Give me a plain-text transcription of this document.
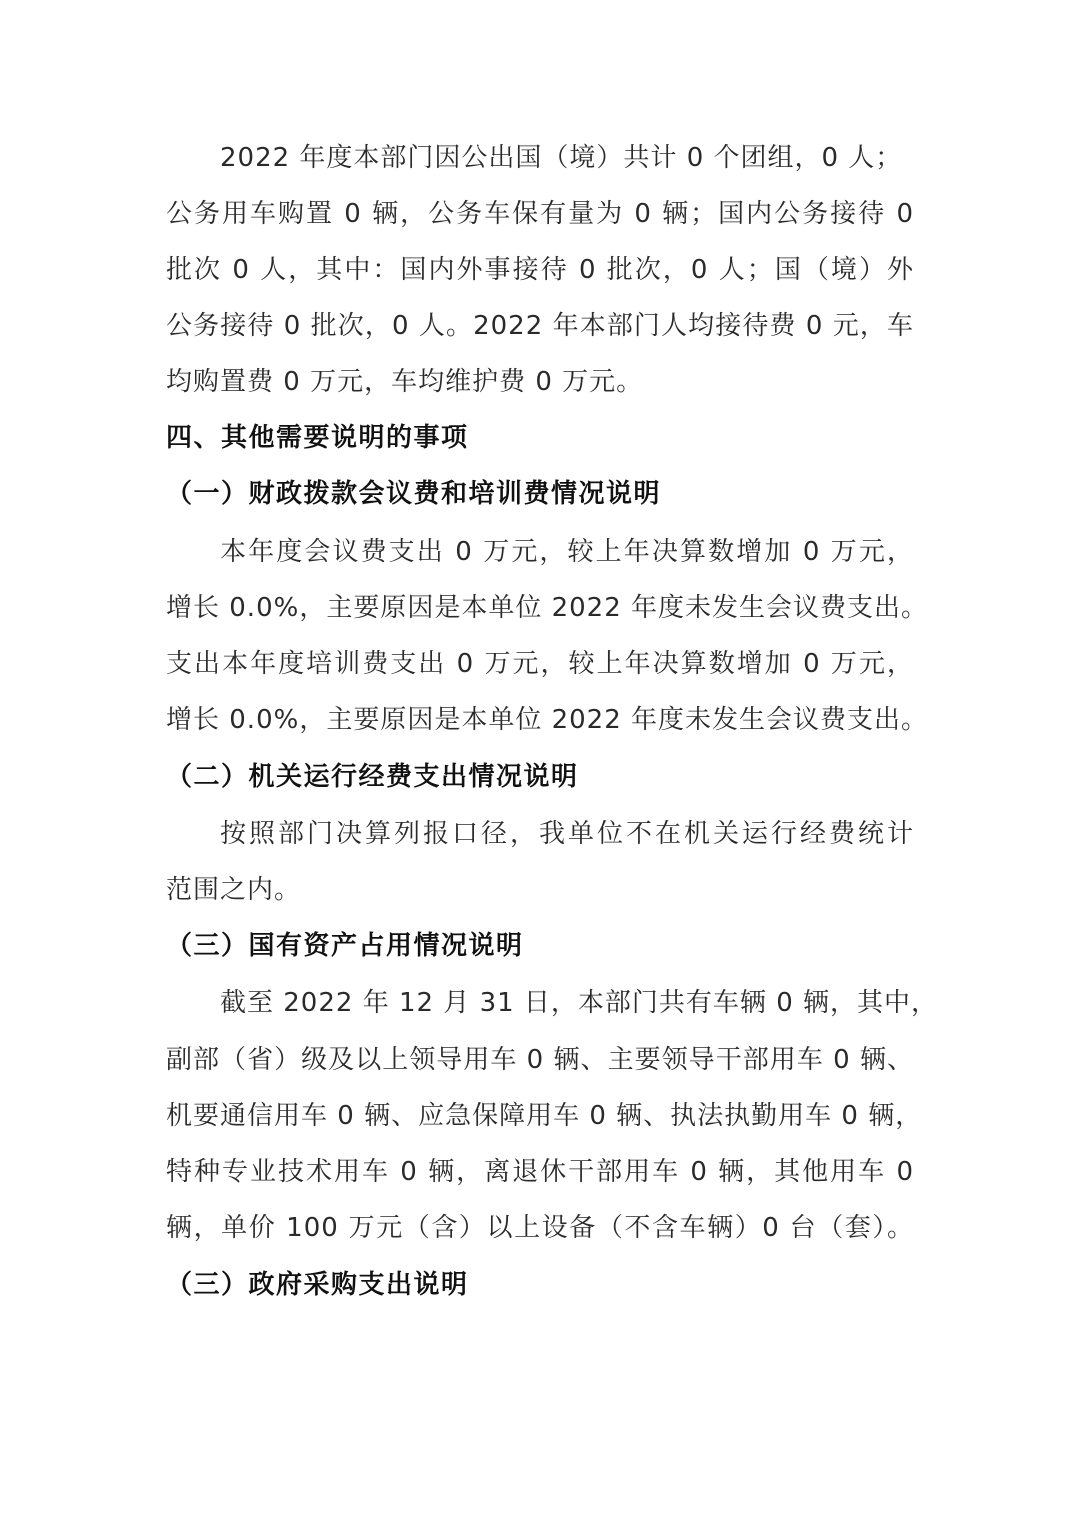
2022 年度本部门因公出国（境）共计 0 个团组，0 人；
公务用车购置 0 辆，公务车保有量为 0 辆；国内公务接待 0
批次 0 人，其中：国内外事接待 0 批次，0 人；国（境）外
公务接待 0 批次，0 人。2022 年本部门人均接待费 0 元，车
均购置费 0 万元，车均维护费 0 万元。
四、其他需要说明的事项
（一）财政拨款会议费和培训费情况说明
本年度会议费支出 0 万元，较上年决算数增加 0 万元，
增长 0.0%，主要原因是本单位 2022 年度未发生会议费支出。
支出本年度培训费支出 0 万元，较上年决算数增加 0 万元，
增长 0.0%，主要原因是本单位 2022 年度未发生会议费支出。
（二）机关运行经费支出情况说明
按照部门决算列报口径，我单位不在机关运行经费统计
范围之内。
（三）国有资产占用情况说明
截至 2022 年 12 月 31 日，本部门共有车辆 0 辆，其中，
副部（省）级及以上领导用车 0 辆、主要领导干部用车 0 辆、
机要通信用车 0 辆、应急保障用车 0 辆、执法执勤用车 0 辆，
特种专业技术用车 0 辆，离退休干部用车 0 辆，其他用车 0
辆，单价 100 万元（含）以上设备（不含车辆）0 台（套）。
（三）政府采购支出说明
